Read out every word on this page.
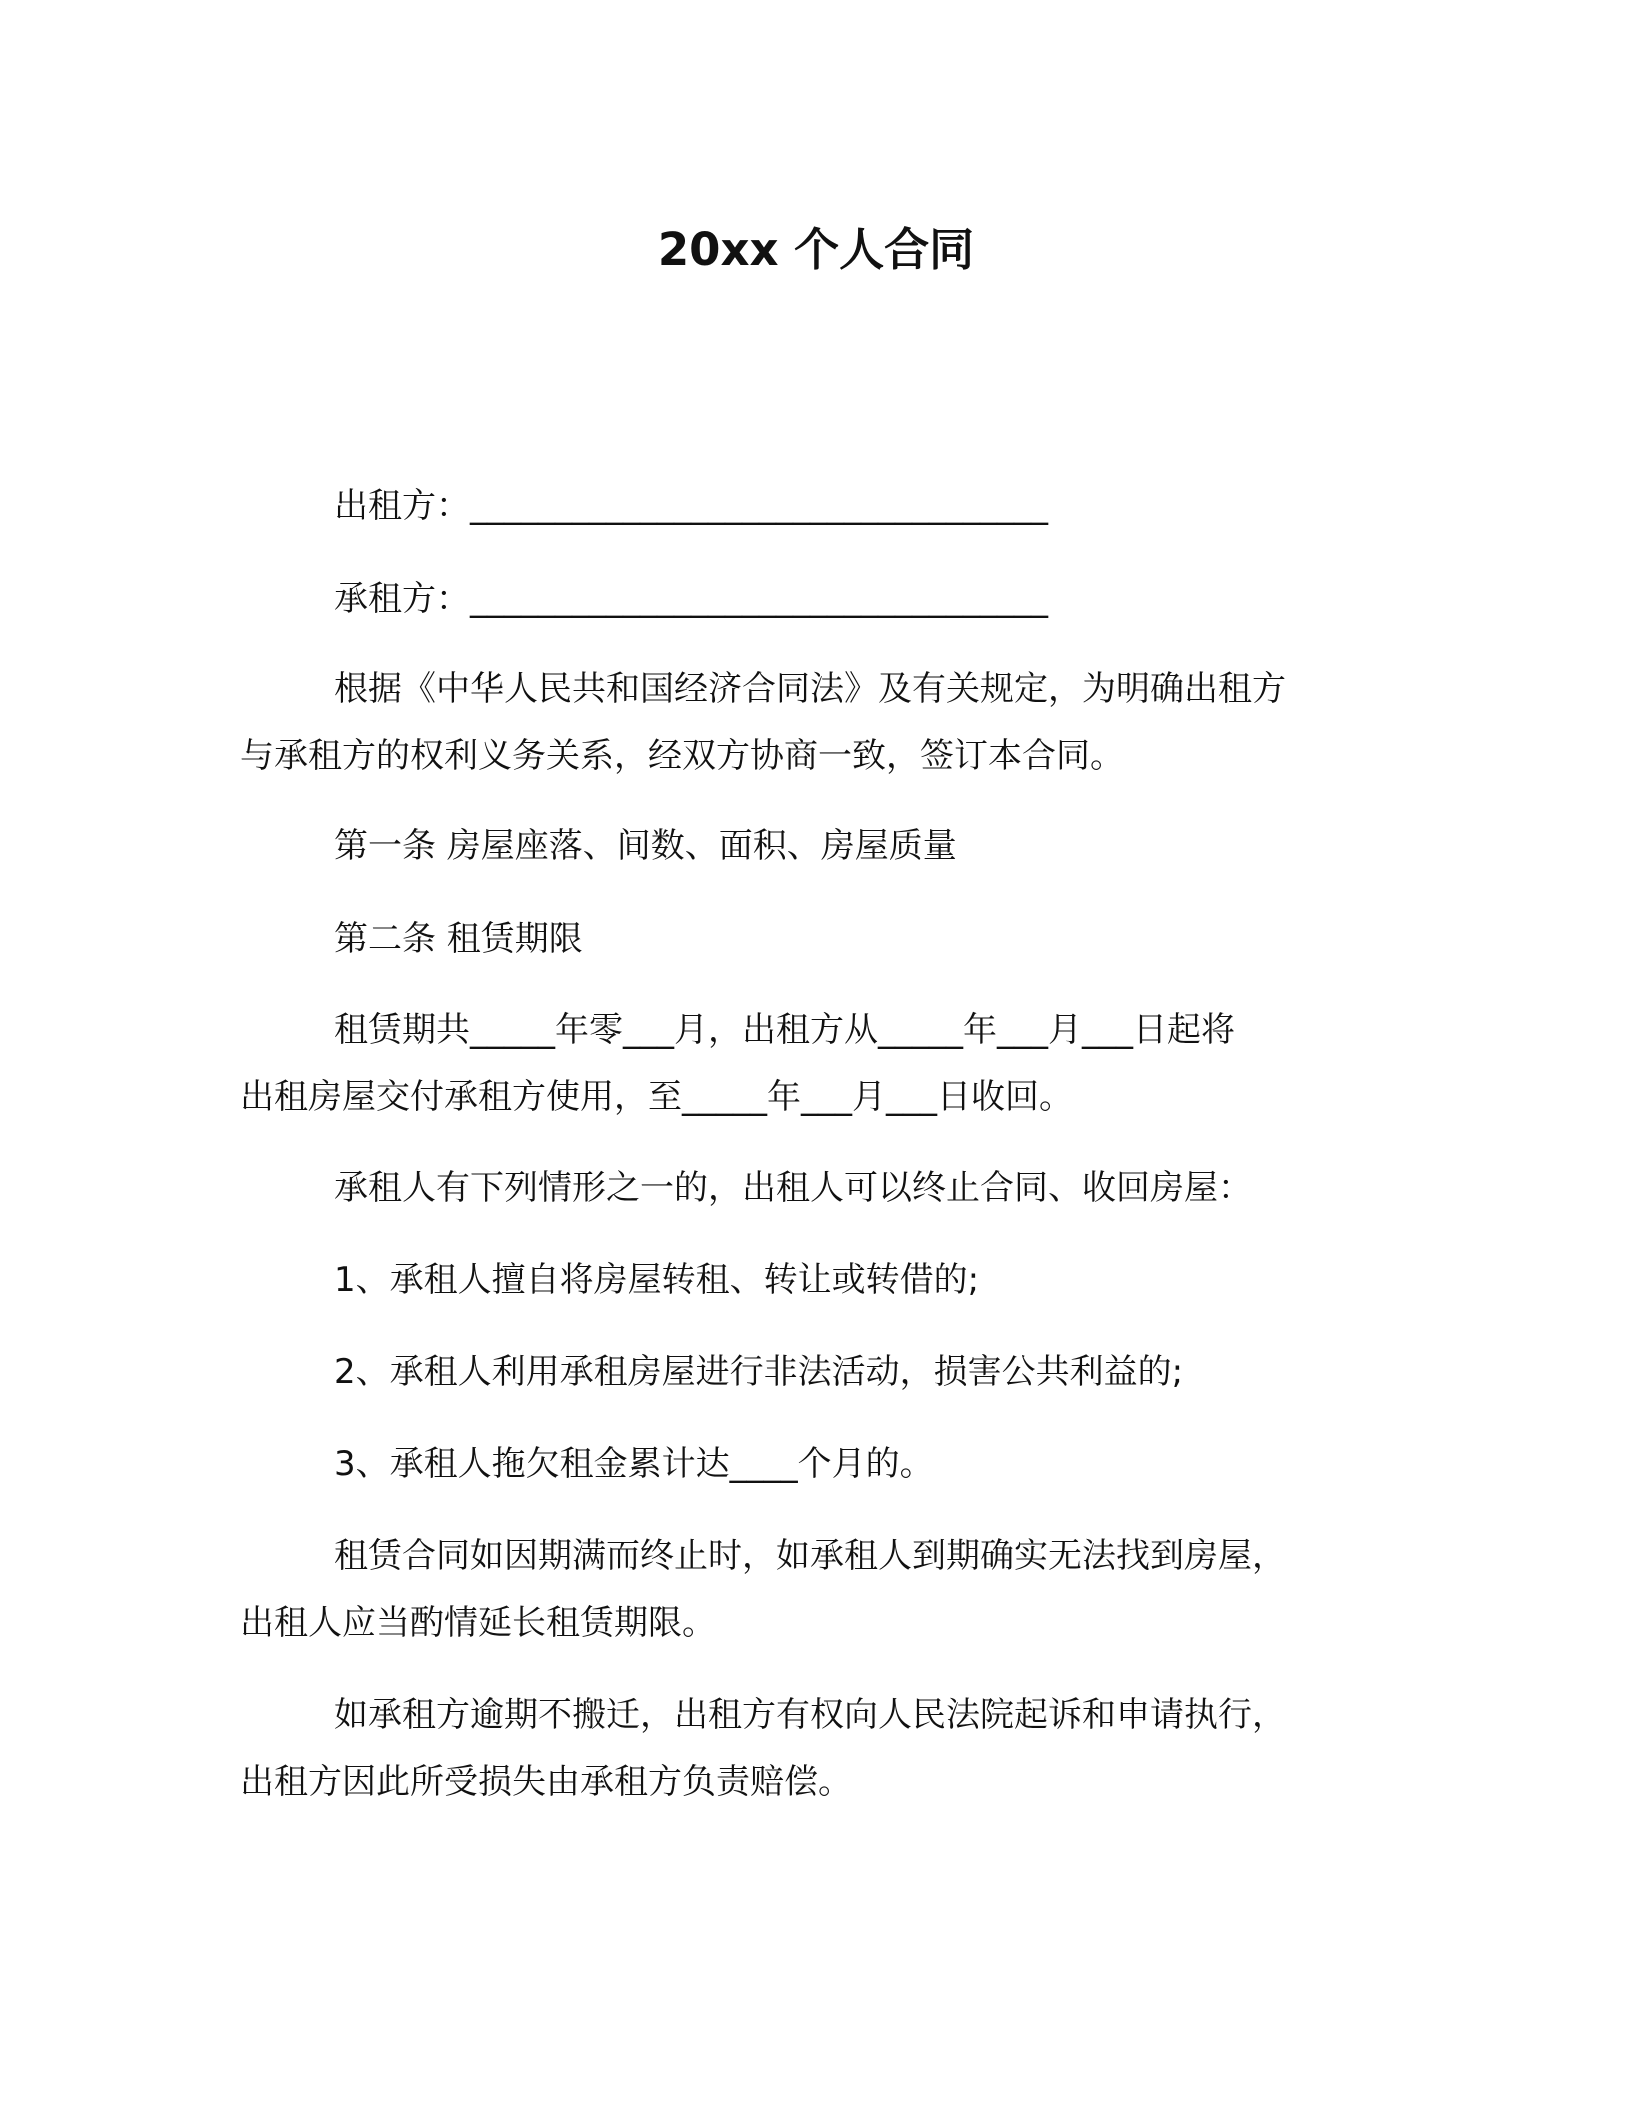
20xx 个人合同

出租方：__________________________________

承租方：__________________________________

根据《中华人民共和国经济合同法》及有关规定，为明确出租方
与承租方的权利义务关系，经双方协商一致，签订本合同。

第一条 房屋座落、间数、面积、房屋质量

第二条 租赁期限

租赁期共_____年零___月，出租方从_____年___月___日起将
出租房屋交付承租方使用，至_____年___月___日收回。

承租人有下列情形之一的，出租人可以终止合同、收回房屋：

1、承租人擅自将房屋转租、转让或转借的;

2、承租人利用承租房屋进行非法活动，损害公共利益的;

3、承租人拖欠租金累计达____个月的。

租赁合同如因期满而终止时，如承租人到期确实无法找到房屋，
出租人应当酌情延长租赁期限。
如承租方逾期不搬迁，出租方有权向人民法院起诉和申请执行，
出租方因此所受损失由承租方负责赔偿。
